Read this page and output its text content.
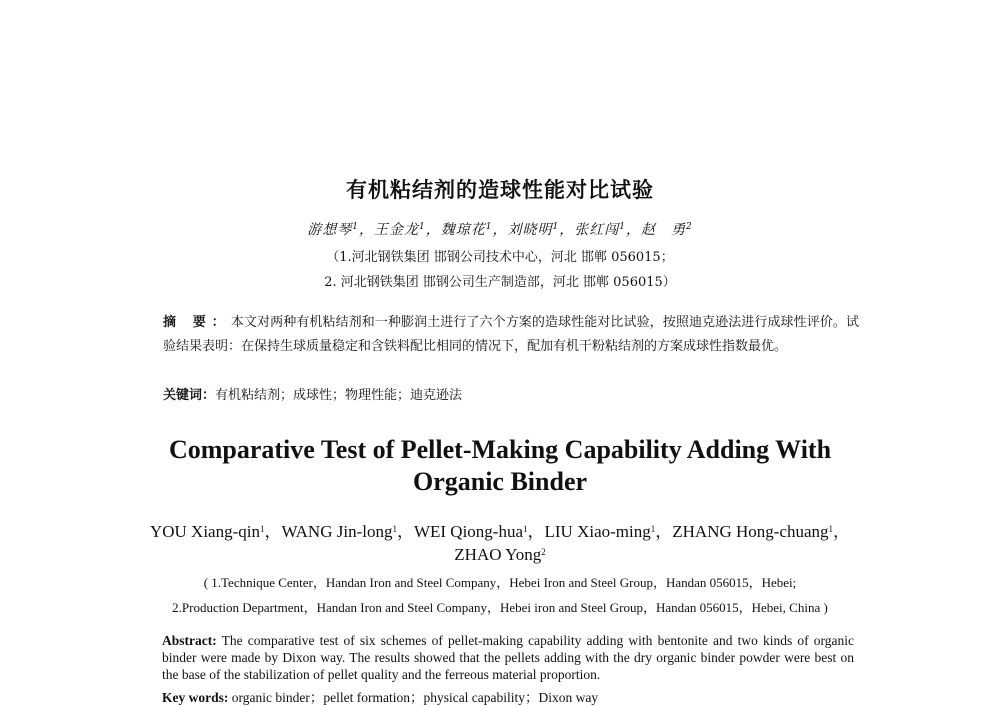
有机粘结剂的造球性能对比试验
游想琴$^1$，王金龙$^1$，魏琼花$^1$，刘晓明$^1$，张红闯$^1$，赵　勇$^2$
（1.河北钢铁集团 邯钢公司技术中心，河北 邯郸 056015；
2. 河北钢铁集团 邯钢公司生产制造部，河北 邯郸 056015）
摘 要：本文对两种有机粘结剂和一种膨润土进行了六个方案的造球性能对比试验，按照迪克逊法进行成球性评价。试验结果表明：在保持生球质量稳定和含铁料配比相同的情况下，配加有机干粉粘结剂的方案成球性指数最优。
关键词：有机粘结剂；成球性；物理性能；迪克逊法
Comparative Test of Pellet-Making Capability Adding With Organic Binder
YOU Xiang-qin$^1$，WANG Jin-long$^1$，WEI Qiong-hua$^1$，LIU Xiao-ming$^1$，ZHANG Hong-chuang$^1$，
ZHAO Yong$^2$
( 1.Technique Center，Handan Iron and Steel Company，Hebei Iron and Steel Group，Handan 056015，Hebei;
2.Production Department，Handan Iron and Steel Company，Hebei iron and Steel Group，Handan 056015，Hebei, China )
Abstract: The comparative test of six schemes of pellet-making capability adding with bentonite and two kinds of organic binder were made by Dixon way. The results showed that the pellets adding with the dry organic binder powder were best on the base of the stabilization of pellet quality and the ferreous material proportion.
Key words: organic binder；pellet formation；physical capability；Dixon way
